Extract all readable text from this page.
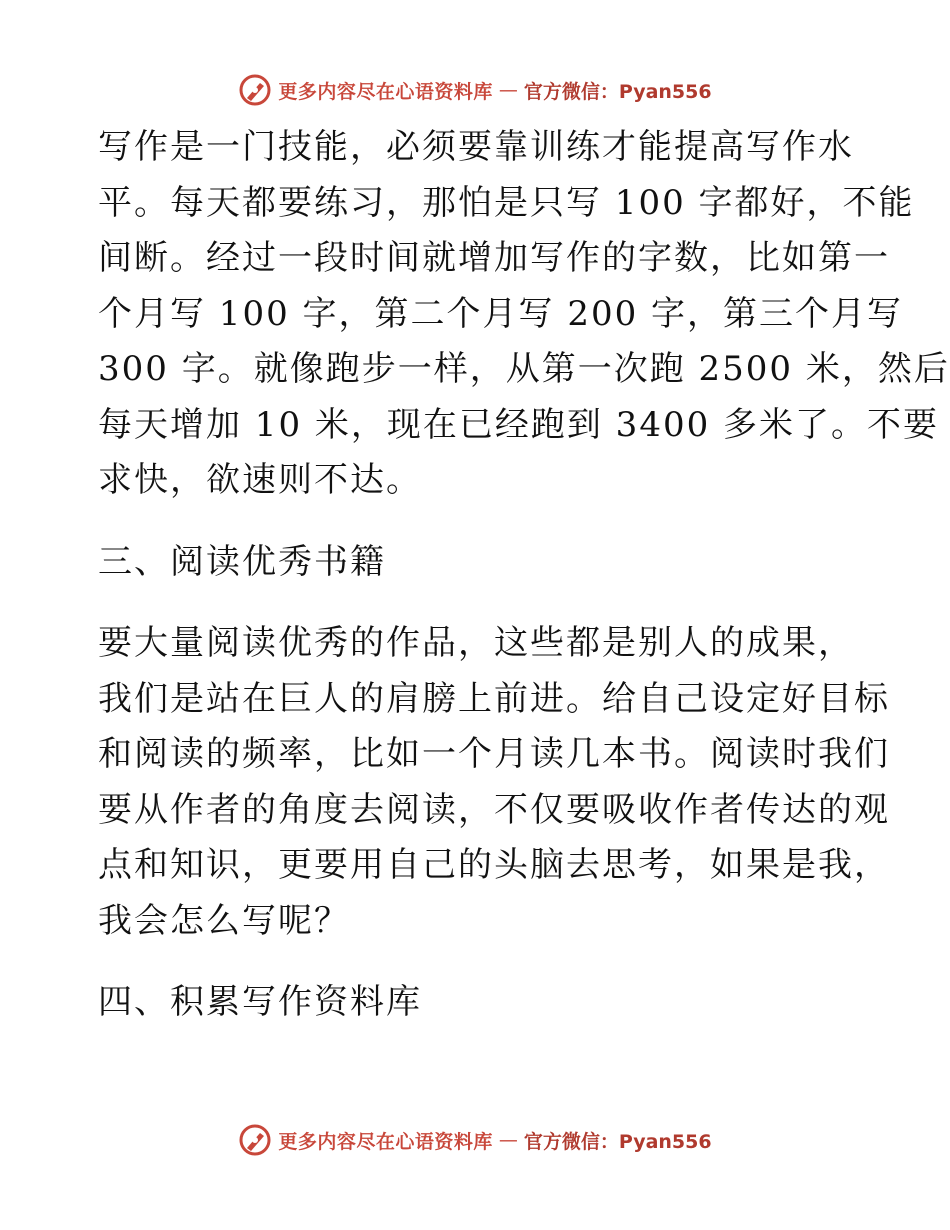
更多内容尽在心语资料库 — 官方微信：Pyan556
写作是一门技能，必须要靠训练才能提高写作水
平。每天都要练习，那怕是只写 100 字都好，不能
间断。经过一段时间就增加写作的字数，比如第一
个月写 100 字，第二个月写 200 字，第三个月写
300 字。就像跑步一样，从第一次跑 2500 米，然后
每天增加 10 米，现在已经跑到 3400 多米了。不要
求快，欲速则不达。
三、阅读优秀书籍
要大量阅读优秀的作品，这些都是别人的成果，
我们是站在巨人的肩膀上前进。给自己设定好目标
和阅读的频率，比如一个月读几本书。阅读时我们
要从作者的角度去阅读，不仅要吸收作者传达的观
点和知识，更要用自己的头脑去思考，如果是我，
我会怎么写呢？
四、积累写作资料库
更多内容尽在心语资料库 — 官方微信：Pyan556
